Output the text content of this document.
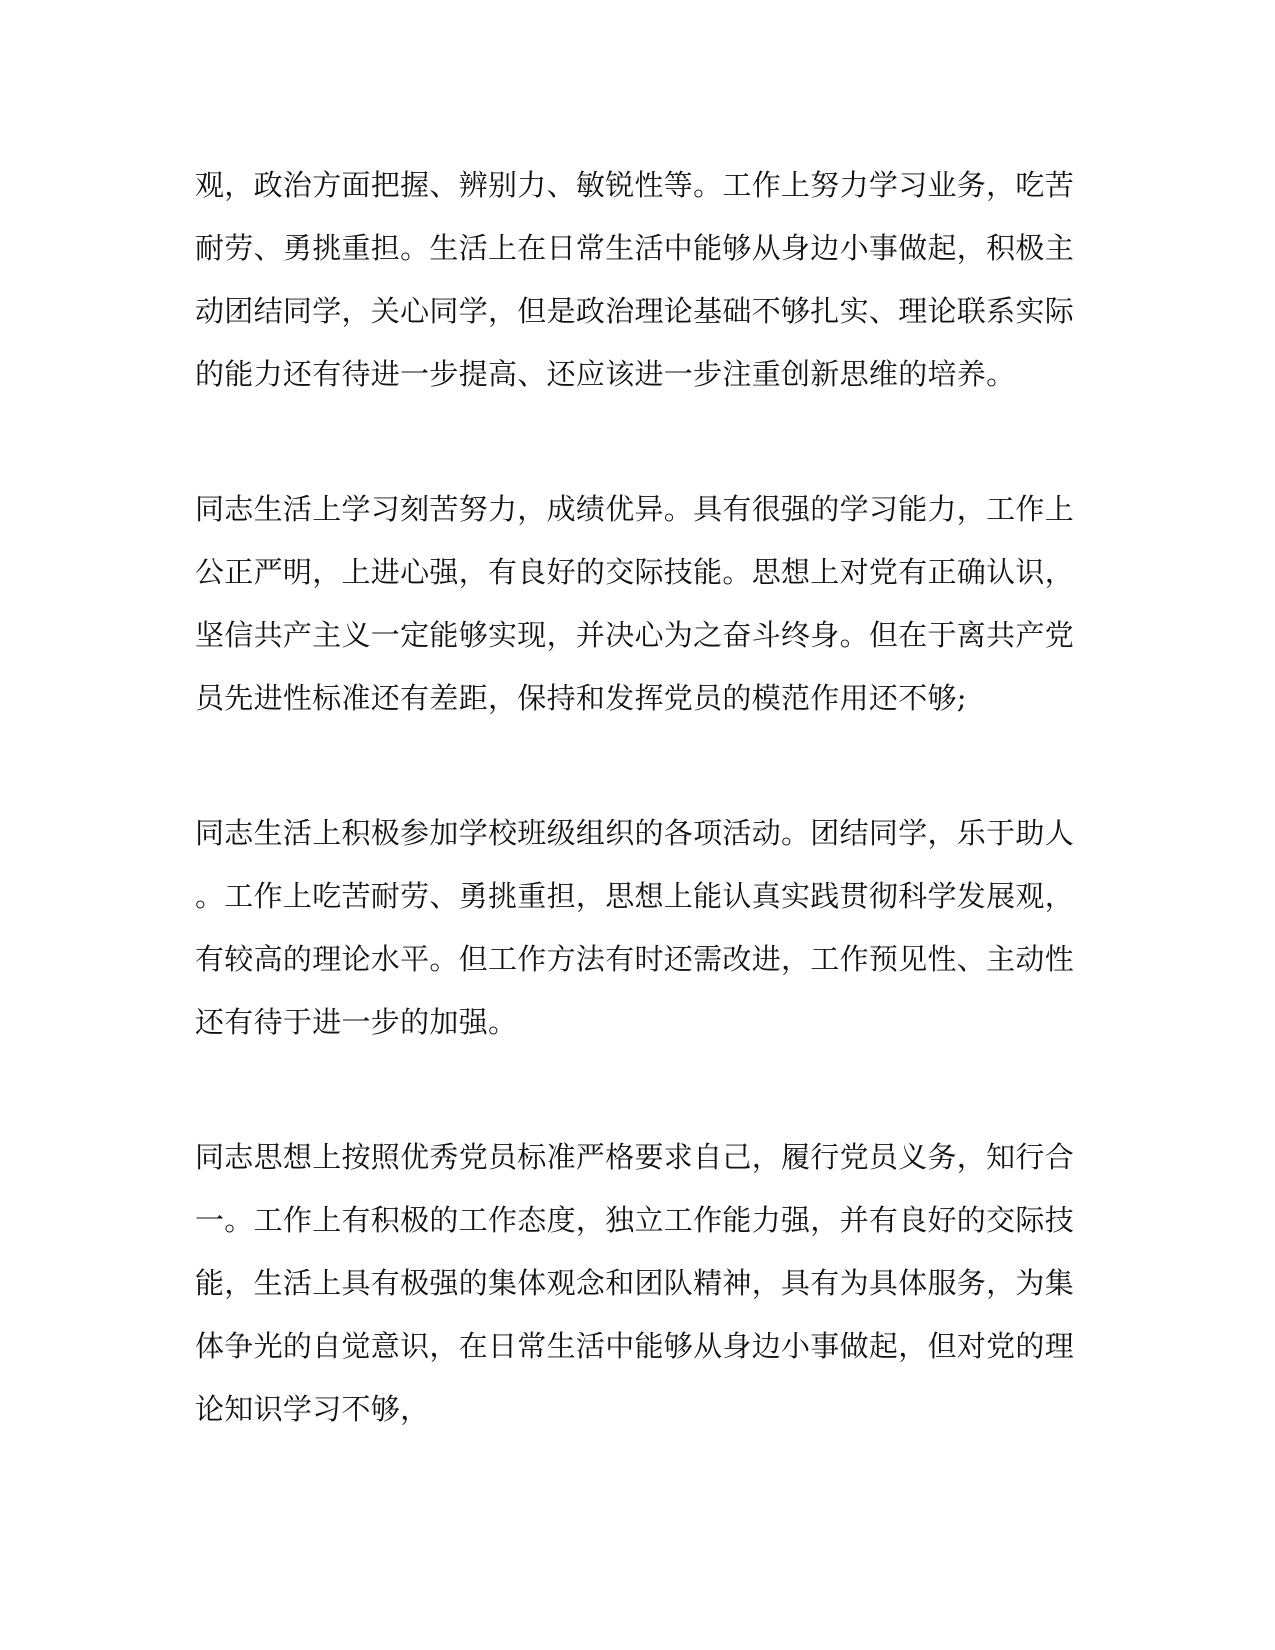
观，政治方面把握、辨别力、敏锐性等。工作上努力学习业务，吃苦
耐劳、勇挑重担。生活上在日常生活中能够从身边小事做起，积极主
动团结同学，关心同学，但是政治理论基础不够扎实、理论联系实际
的能力还有待进一步提高、还应该进一步注重创新思维的培养。
同志生活上学习刻苦努力，成绩优异。具有很强的学习能力，工作上
公正严明，上进心强，有良好的交际技能。思想上对党有正确认识，
坚信共产主义一定能够实现，并决心为之奋斗终身。但在于离共产党
员先进性标准还有差距，保持和发挥党员的模范作用还不够;
同志生活上积极参加学校班级组织的各项活动。团结同学，乐于助人
。工作上吃苦耐劳、勇挑重担，思想上能认真实践贯彻科学发展观，
有较高的理论水平。但工作方法有时还需改进，工作预见性、主动性
还有待于进一步的加强。
同志思想上按照优秀党员标准严格要求自己，履行党员义务，知行合
一。工作上有积极的工作态度，独立工作能力强，并有良好的交际技
能，生活上具有极强的集体观念和团队精神，具有为具体服务，为集
体争光的自觉意识，在日常生活中能够从身边小事做起，但对党的理
论知识学习不够，
